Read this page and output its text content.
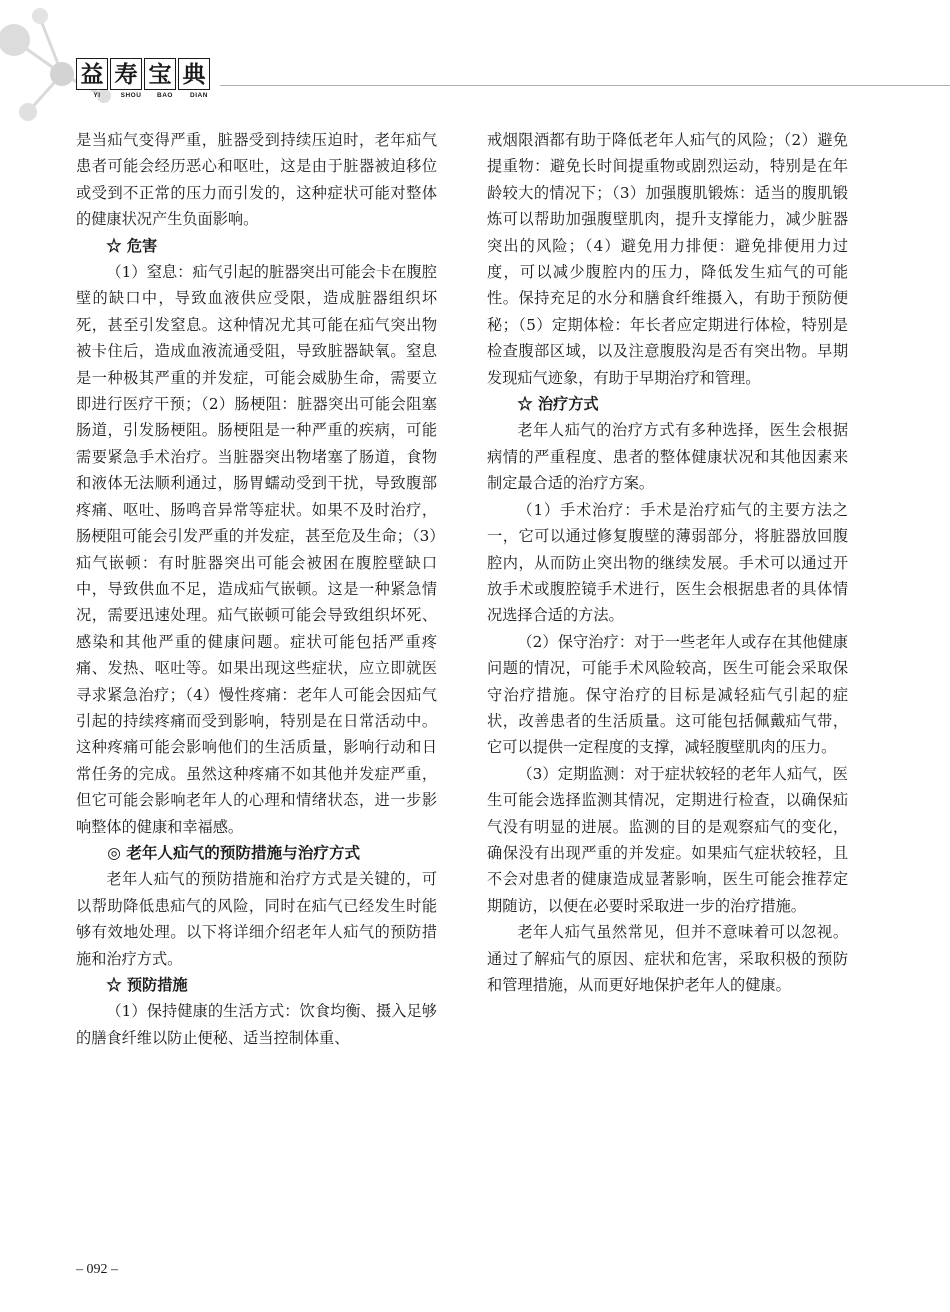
益 寿 宝 典
YI	SHOU	BAO	DIAN

是当疝气变得严重，脏器受到持续压迫时，老年疝气患者可能会经历恶心和呕吐，这是由于脏器被迫移位或受到不正常的压力而引发的，这种症状可能对整体的健康状况产生负面影响。

☆ 危害

（1）窒息：疝气引起的脏器突出可能会卡在腹腔壁的缺口中，导致血液供应受限，造成脏器组织坏死，甚至引发窒息。这种情况尤其可能在疝气突出物被卡住后，造成血液流通受阻，导致脏器缺氧。窒息是一种极其严重的并发症，可能会威胁生命，需要立即进行医疗干预；（2）肠梗阻：脏器突出可能会阻塞肠道，引发肠梗阻。肠梗阻是一种严重的疾病，可能需要紧急手术治疗。当脏器突出物堵塞了肠道，食物和液体无法顺利通过，肠胃蠕动受到干扰，导致腹部疼痛、呕吐、肠鸣音异常等症状。如果不及时治疗，肠梗阻可能会引发严重的并发症，甚至危及生命；（3）疝气嵌顿：有时脏器突出可能会被困在腹腔壁缺口中，导致供血不足，造成疝气嵌顿。这是一种紧急情况，需要迅速处理。疝气嵌顿可能会导致组织坏死、感染和其他严重的健康问题。症状可能包括严重疼痛、发热、呕吐等。如果出现这些症状，应立即就医寻求紧急治疗；（4）慢性疼痛：老年人可能会因疝气引起的持续疼痛而受到影响，特别是在日常活动中。这种疼痛可能会影响他们的生活质量，影响行动和日常任务的完成。虽然这种疼痛不如其他并发症严重，但它可能会影响老年人的心理和情绪状态，进一步影响整体的健康和幸福感。

◎ 老年人疝气的预防措施与治疗方式

老年人疝气的预防措施和治疗方式是关键的，可以帮助降低患疝气的风险，同时在疝气已经发生时能够有效地处理。以下将详细介绍老年人疝气的预防措施和治疗方式。

☆ 预防措施

（1）保持健康的生活方式：饮食均衡、摄入足够的膳食纤维以防止便秘、适当控制体重、

戒烟限酒都有助于降低老年人疝气的风险；（2）避免提重物：避免长时间提重物或剧烈运动，特别是在年龄较大的情况下；（3）加强腹肌锻炼：适当的腹肌锻炼可以帮助加强腹壁肌肉，提升支撑能力，减少脏器突出的风险；（4）避免用力排便：避免排便用力过度，可以减少腹腔内的压力，降低发生疝气的可能性。保持充足的水分和膳食纤维摄入，有助于预防便秘；（5）定期体检：年长者应定期进行体检，特别是检查腹部区域，以及注意腹股沟是否有突出物。早期发现疝气迹象，有助于早期治疗和管理。

☆ 治疗方式

老年人疝气的治疗方式有多种选择，医生会根据病情的严重程度、患者的整体健康状况和其他因素来制定最合适的治疗方案。

（1）手术治疗：手术是治疗疝气的主要方法之一，它可以通过修复腹壁的薄弱部分，将脏器放回腹腔内，从而防止突出物的继续发展。手术可以通过开放手术或腹腔镜手术进行，医生会根据患者的具体情况选择合适的方法。

（2）保守治疗：对于一些老年人或存在其他健康问题的情况，可能手术风险较高，医生可能会采取保守治疗措施。保守治疗的目标是减轻疝气引起的症状，改善患者的生活质量。这可能包括佩戴疝气带，它可以提供一定程度的支撑，减轻腹壁肌肉的压力。

（3）定期监测：对于症状较轻的老年人疝气，医生可能会选择监测其情况，定期进行检查，以确保疝气没有明显的进展。监测的目的是观察疝气的变化，确保没有出现严重的并发症。如果疝气症状较轻，且不会对患者的健康造成显著影响，医生可能会推荐定期随访，以便在必要时采取进一步的治疗措施。

老年人疝气虽然常见，但并不意味着可以忽视。通过了解疝气的原因、症状和危害，采取积极的预防和管理措施，从而更好地保护老年人的健康。

– 092 –
